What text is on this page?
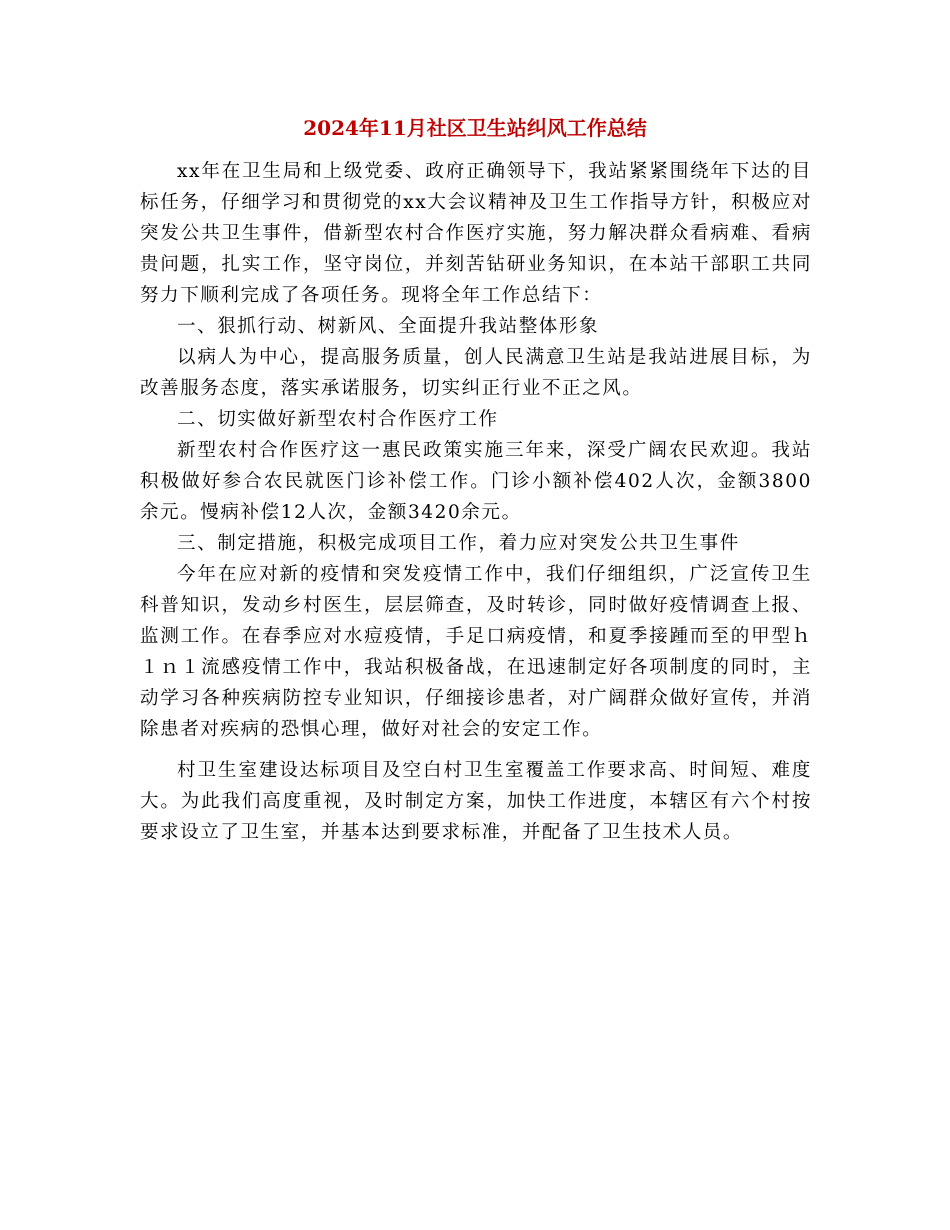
2024年11月社区卫生站纠风工作总结

xx年在卫生局和上级党委、政府正确领导下，我站紧紧围绕年下达的目标任务，仔细学习和贯彻党的xx大会议精神及卫生工作指导方针，积极应对突发公共卫生事件，借新型农村合作医疗实施，努力解决群众看病难、看病贵问题，扎实工作，坚守岗位，并刻苦钻研业务知识，在本站干部职工共同努力下顺利完成了各项任务。现将全年工作总结下：

一、狠抓行动、树新风、全面提升我站整体形象

以病人为中心，提高服务质量，创人民满意卫生站是我站进展目标，为改善服务态度，落实承诺服务，切实纠正行业不正之风。

二、切实做好新型农村合作医疗工作

新型农村合作医疗这一惠民政策实施三年来，深受广阔农民欢迎。我站积极做好参合农民就医门诊补偿工作。门诊小额补偿402人次，金额3800余元。慢病补偿12人次，金额3420余元。

三、制定措施，积极完成项目工作，着力应对突发公共卫生事件

今年在应对新的疫情和突发疫情工作中，我们仔细组织，广泛宣传卫生科普知识，发动乡村医生，层层筛查，及时转诊，同时做好疫情调查上报、监测工作。在春季应对水痘疫情，手足口病疫情，和夏季接踵而至的甲型ｈ１ｎ１流感疫情工作中，我站积极备战，在迅速制定好各项制度的同时，主动学习各种疾病防控专业知识，仔细接诊患者，对广阔群众做好宣传，并消除患者对疾病的恐惧心理，做好对社会的安定工作。

村卫生室建设达标项目及空白村卫生室覆盖工作要求高、时间短、难度大。为此我们高度重视，及时制定方案，加快工作进度，本辖区有六个村按要求设立了卫生室，并基本达到要求标准，并配备了卫生技术人员。
